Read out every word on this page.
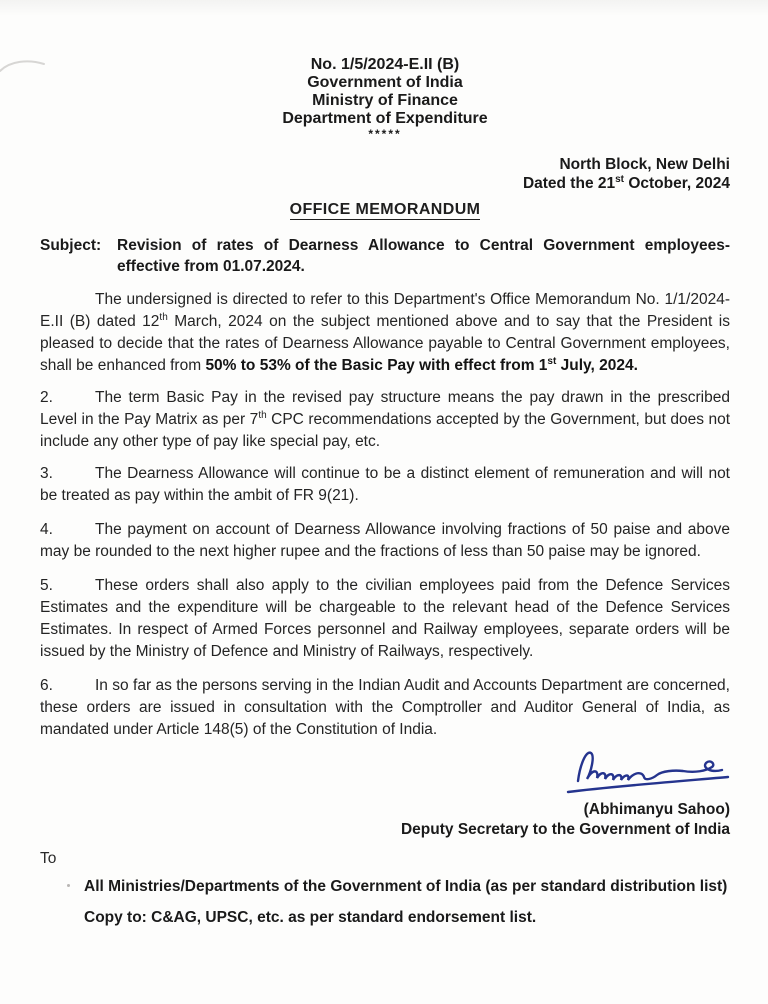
No. 1/5/2024-E.II (B)
Government of India
Ministry of Finance
Department of Expenditure
*****
North Block, New Delhi
Dated the 21st October, 2024
OFFICE MEMORANDUM
Subject:	Revision of rates of Dearness Allowance to Central Government employees-effective from 01.07.2024.
The undersigned is directed to refer to this Department's Office Memorandum No. 1/1/2024-E.II (B) dated 12th March, 2024 on the subject mentioned above and to say that the President is pleased to decide that the rates of Dearness Allowance payable to Central Government employees, shall be enhanced from 50% to 53% of the Basic Pay with effect from 1st July, 2024.
2.	The term Basic Pay in the revised pay structure means the pay drawn in the prescribed Level in the Pay Matrix as per 7th CPC recommendations accepted by the Government, but does not include any other type of pay like special pay, etc.
3.	The Dearness Allowance will continue to be a distinct element of remuneration and will not be treated as pay within the ambit of FR 9(21).
4.	The payment on account of Dearness Allowance involving fractions of 50 paise and above may be rounded to the next higher rupee and the fractions of less than 50 paise may be ignored.
5.	These orders shall also apply to the civilian employees paid from the Defence Services Estimates and the expenditure will be chargeable to the relevant head of the Defence Services Estimates. In respect of Armed Forces personnel and Railway employees, separate orders will be issued by the Ministry of Defence and Ministry of Railways, respectively.
6.	In so far as the persons serving in the Indian Audit and Accounts Department are concerned, these orders are issued in consultation with the Comptroller and Auditor General of India, as mandated under Article 148(5) of the Constitution of India.
(Abhimanyu Sahoo)
Deputy Secretary to the Government of India
To
All Ministries/Departments of the Government of India (as per standard distribution list)
Copy to: C&AG, UPSC, etc. as per standard endorsement list.
